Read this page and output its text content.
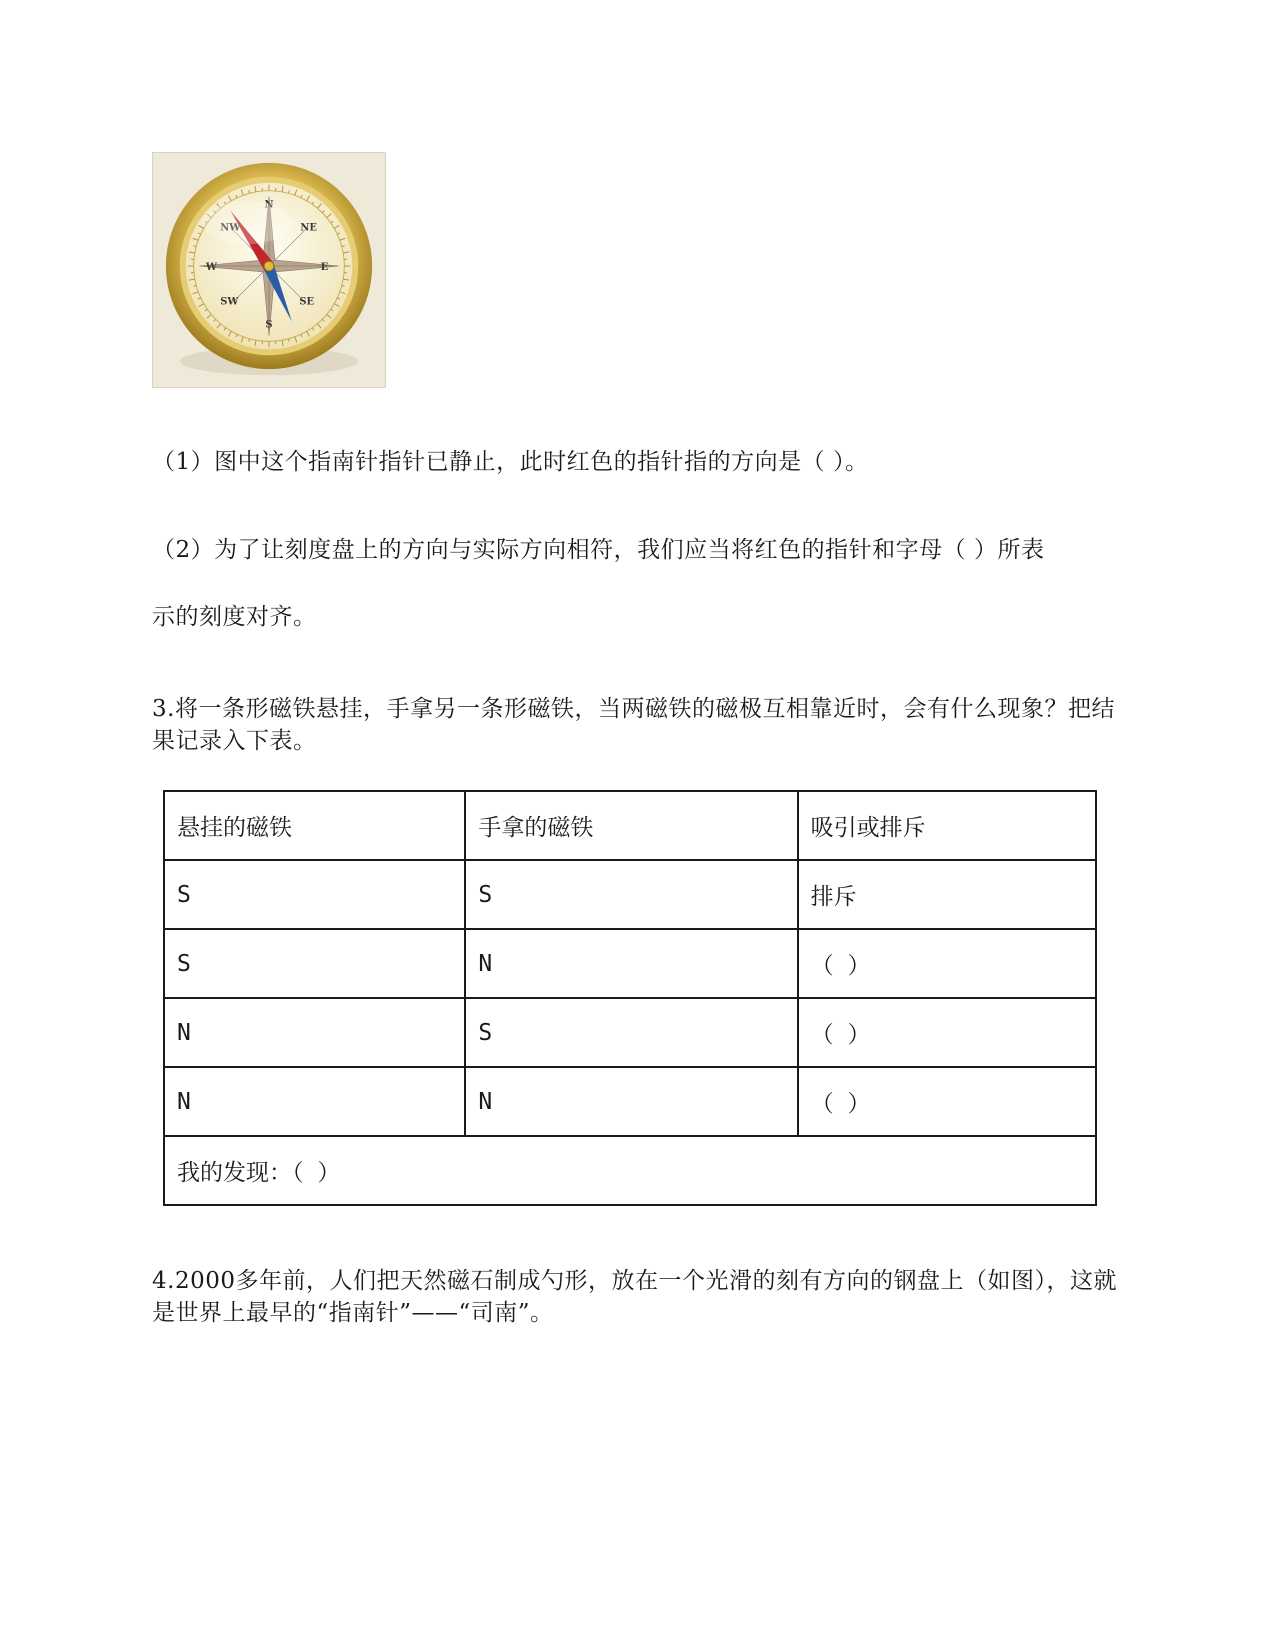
N
NE
E
SE
S
SW
W
NW
（1）图中这个指南针指针已静止，此时红色的指针指的方向是（ ）。
（2）为了让刻度盘上的方向与实际方向相符，我们应当将红色的指针和字母（ ）所表
示的刻度对齐。
3.将一条形磁铁悬挂，手拿另一条形磁铁，当两磁铁的磁极互相靠近时，会有什么现象？把结果记录入下表。
悬挂的磁铁	手拿的磁铁	吸引或排斥
S	S	排斥
S	N	（ ）
N	S	（ ）
N	N	（ ）
我的发现：（ ）		
4.2000多年前，人们把天然磁石制成勺形，放在一个光滑的刻有方向的钢盘上（如图），这就是世界上最早的“指南针”——“司南”。
